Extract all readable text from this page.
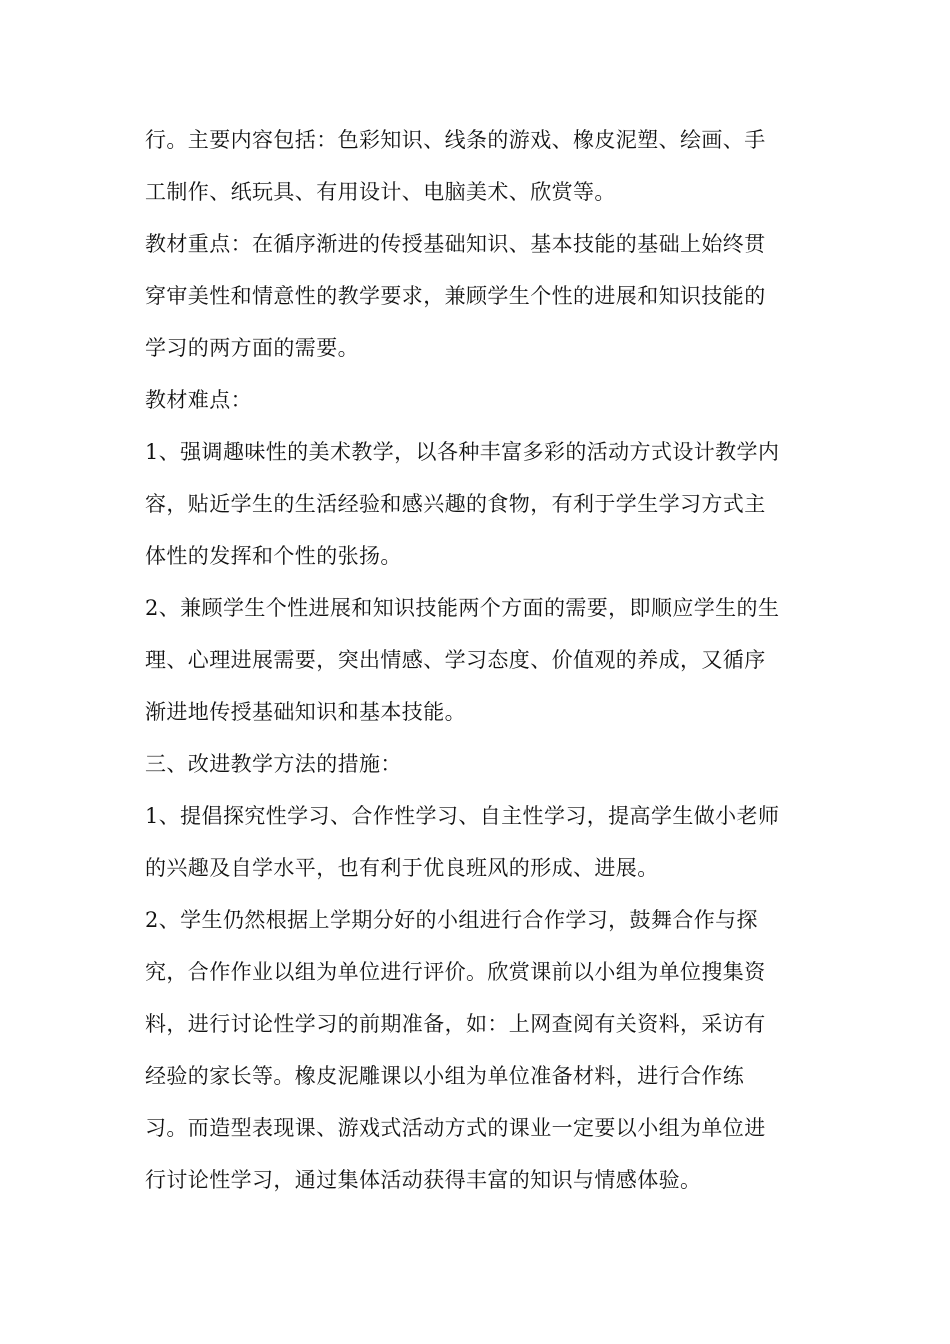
行。主要内容包括：色彩知识、线条的游戏、橡皮泥塑、绘画、手
工制作、纸玩具、有用设计、电脑美术、欣赏等。
教材重点：在循序渐进的传授基础知识、基本技能的基础上始终贯
穿审美性和情意性的教学要求，兼顾学生个性的进展和知识技能的
学习的两方面的需要。
教材难点：
1、强调趣味性的美术教学，以各种丰富多彩的活动方式设计教学内
容，贴近学生的生活经验和感兴趣的食物，有利于学生学习方式主
体性的发挥和个性的张扬。
2、兼顾学生个性进展和知识技能两个方面的需要，即顺应学生的生
理、心理进展需要，突出情感、学习态度、价值观的养成，又循序
渐进地传授基础知识和基本技能。
三、改进教学方法的措施：
1、提倡探究性学习、合作性学习、自主性学习，提高学生做小老师
的兴趣及自学水平，也有利于优良班风的形成、进展。
2、学生仍然根据上学期分好的小组进行合作学习，鼓舞合作与探
究，合作作业以组为单位进行评价。欣赏课前以小组为单位搜集资
料，进行讨论性学习的前期准备，如：上网查阅有关资料，采访有
经验的家长等。橡皮泥雕课以小组为单位准备材料，进行合作练
习。而造型表现课、游戏式活动方式的课业一定要以小组为单位进
行讨论性学习，通过集体活动获得丰富的知识与情感体验。
